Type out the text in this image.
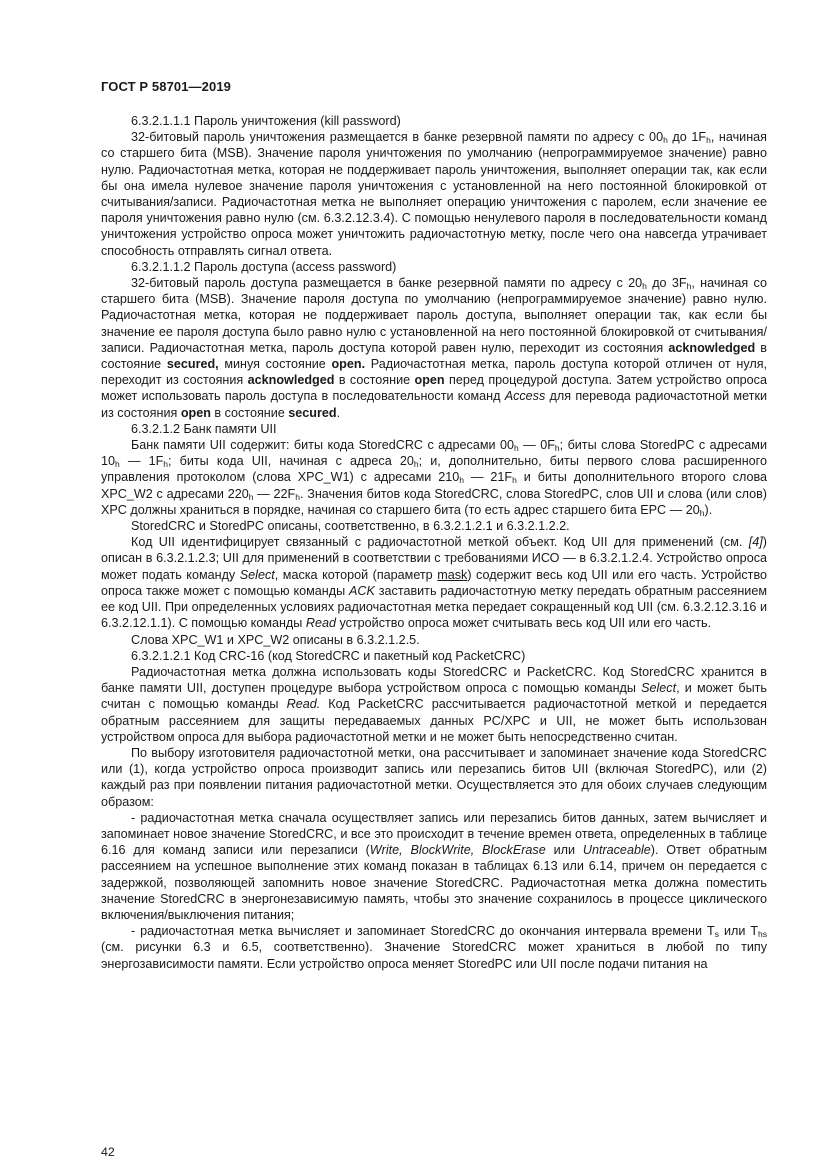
ГОСТ Р 58701—2019

6.3.2.1.1.1 Пароль уничтожения (kill password)

32-битовый пароль уничтожения размещается в банке резервной памяти по адресу с $00_h$ до $1F_h$, начиная со старшего бита (MSB). Значение пароля уничтожения по умолчанию (непрограммируемое значение) равно нулю. Радиочастотная метка, которая не поддерживает пароль уничтожения, выполняет операции так, как если бы она имела нулевое значение пароля уничтожения с установленной на него постоянной блокировкой от считывания/записи. Радиочастотная метка не выполняет операцию уничтожения с паролем, если значение ее пароля уничтожения равно нулю (см. 6.3.2.12.3.4). С помощью ненулевого пароля в последовательности команд уничтожения устройство опроса может уничтожить радиочастотную метку, после чего она навсегда утрачивает способность отправлять сигнал ответа.

6.3.2.1.1.2 Пароль доступа (access password)

32-битовый пароль доступа размещается в банке резервной памяти по адресу с $20_h$ до $3F_h$, начиная со старшего бита (MSB). Значение пароля доступа по умолчанию (непрограммируемое значение) равно нулю. Радиочастотная метка, которая не поддерживает пароль доступа, выполняет операции так, как если бы значение ее пароля доступа было равно нулю с установленной на него постоянной блокировкой от считывания/записи. Радиочастотная метка, пароль доступа которой равен нулю, переходит из состояния acknowledged в состояние secured, минуя состояние open. Радиочастотная метка, пароль доступа которой отличен от нуля, переходит из состояния acknowledged в состояние open перед процедурой доступа. Затем устройство опроса может использовать пароль доступа в последовательности команд Access для перевода радиочастотной метки из состояния open в состояние secured.

6.3.2.1.2 Банк памяти UII

Банк памяти UII содержит: биты кода StoredCRC с адресами $00_h$ — $0F_h$; биты слова StoredPC с адресами $10_h$ — $1F_h$; биты кода UII, начиная с адреса $20_h$; и, дополнительно, биты первого слова расширенного управления протоколом (слова XPC_W1) с адресами $210_h$ — $21F_h$ и биты дополнительного второго слова XPC_W2 с адресами $220_h$ — $22F_h$. Значения битов кода StoredCRC, слова StoredPC, слов UII и слова (или слов) XPC должны храниться в порядке, начиная со старшего бита (то есть адрес старшего бита EPC — $20_h$).

StoredCRC и StoredPC описаны, соответственно, в 6.3.2.1.2.1 и 6.3.2.1.2.2.

Код UII идентифицирует связанный с радиочастотной меткой объект. Код UII для применений (см. [4]) описан в 6.3.2.1.2.3; UII для применений в соответствии с требованиями ИСО — в 6.3.2.1.2.4. Устройство опроса может подать команду Select, маска которой (параметр mask) содержит весь код UII или его часть. Устройство опроса также может с помощью команды ACK заставить радиочастотную метку передать обратным рассеянием ее код UII. При определенных условиях радиочастотная метка передает сокращенный код UII (см. 6.3.2.12.3.16 и 6.3.2.12.1.1). С помощью команды Read устройство опроса может считывать весь код UII или его часть.

Слова XPC_W1 и XPC_W2 описаны в 6.3.2.1.2.5.

6.3.2.1.2.1 Код CRC-16 (код StoredCRC и пакетный код PacketCRC)

Радиочастотная метка должна использовать коды StoredCRC и PacketCRC. Код StoredCRC хранится в банке памяти UII, доступен процедуре выбора устройством опроса с помощью команды Select, и может быть считан с помощью команды Read. Код PacketCRC рассчитывается радиочастотной меткой и передается обратным рассеянием для защиты передаваемых данных PC/XPC и UII, не может быть использован устройством опроса для выбора радиочастотной метки и не может быть непосредственно считан.

По выбору изготовителя радиочастотной метки, она рассчитывает и запоминает значение кода StoredCRC или (1), когда устройство опроса производит запись или перезапись битов UII (включая StoredPC), или (2) каждый раз при появлении питания радиочастотной метки. Осуществляется это для обоих случаев следующим образом:

- радиочастотная метка сначала осуществляет запись или перезапись битов данных, затем вычисляет и запоминает новое значение StoredCRC, и все это происходит в течение времен ответа, определенных в таблице 6.16 для команд записи или перезаписи (Write, BlockWrite, BlockErase или Untraceable). Ответ обратным рассеянием на успешное выполнение этих команд показан в таблицах 6.13 или 6.14, причем он передается с задержкой, позволяющей запомнить новое значение StoredCRC. Радиочастотная метка должна поместить значение StoredCRC в энергонезависимую память, чтобы это значение сохранилось в процессе циклического включения/выключения питания;

- радиочастотная метка вычисляет и запоминает StoredCRC до окончания интервала времени $T_s$ или $T_{hs}$ (см. рисунки 6.3 и 6.5, соответственно). Значение StoredCRC может храниться в любой по типу энергозависимости памяти. Если устройство опроса меняет StoredPC или UII после подачи питания на

42
